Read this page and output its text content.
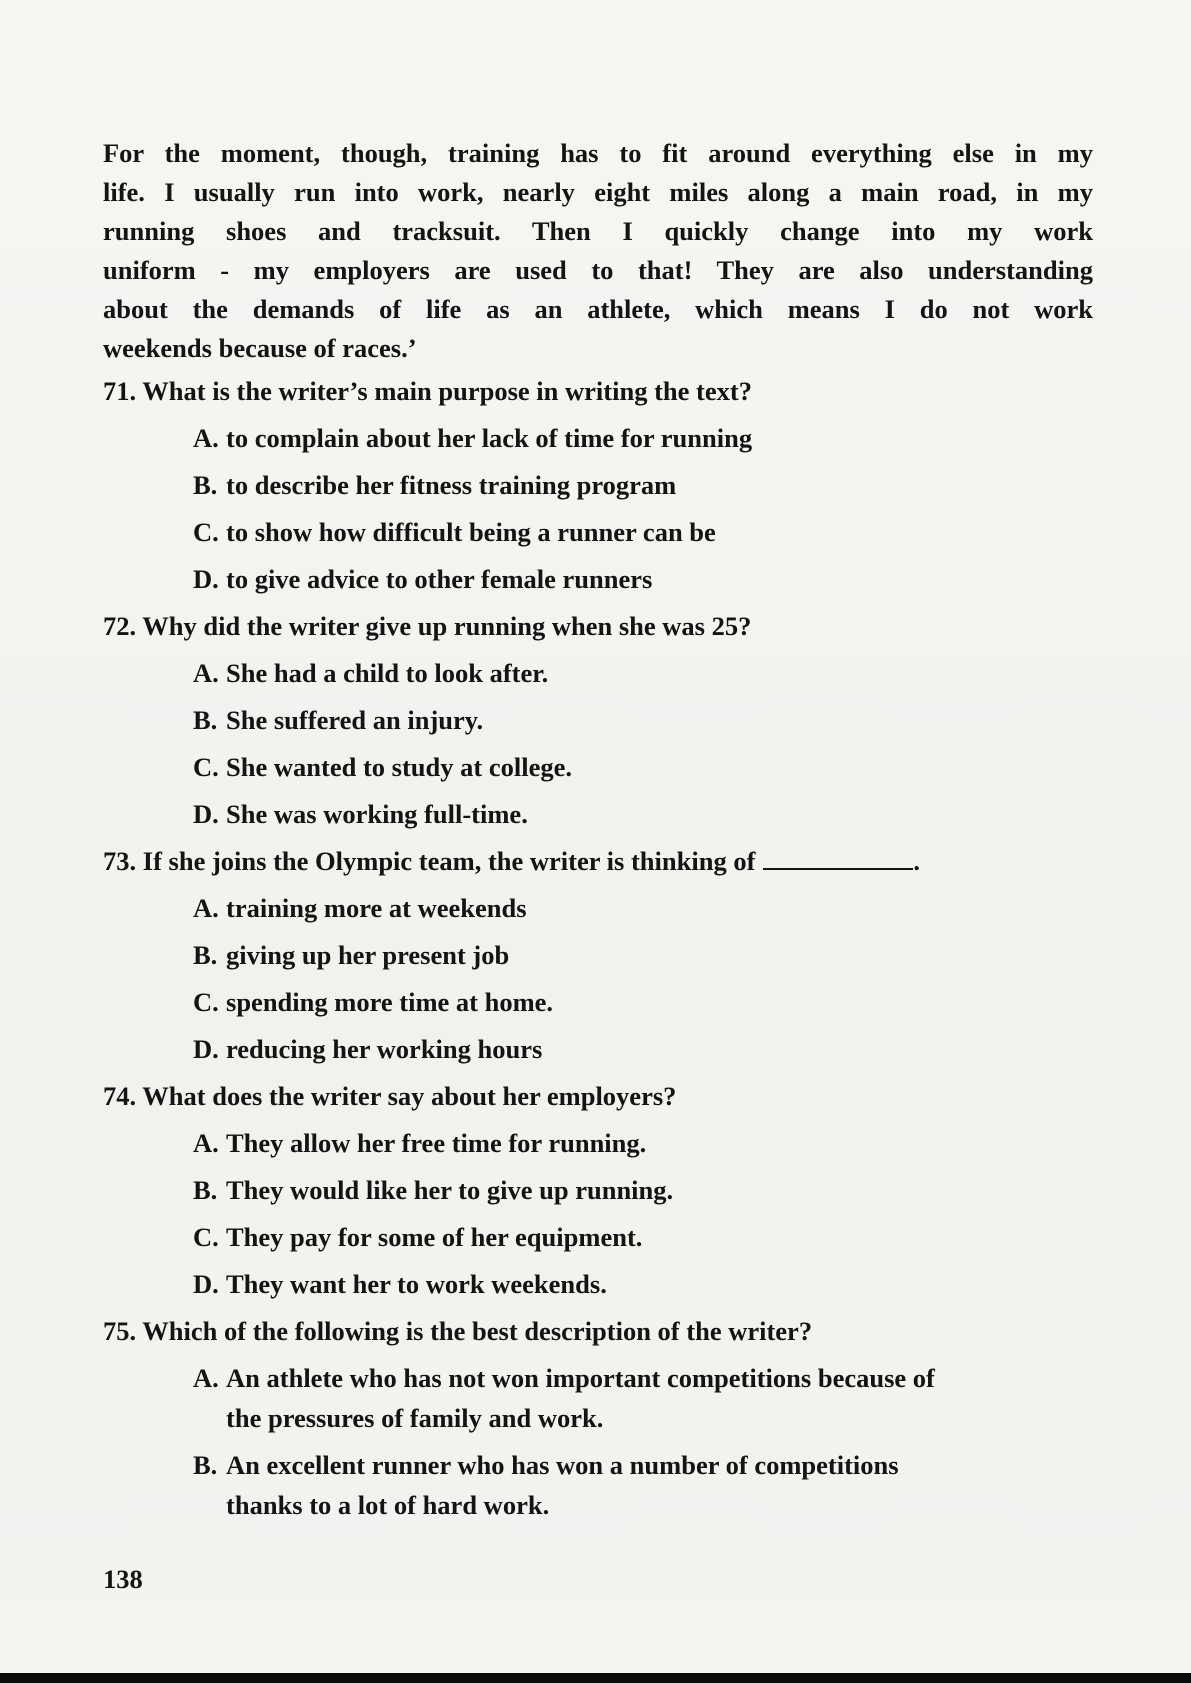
For the moment, though, training has to fit around everything else in my
life. I usually run into work, nearly eight miles along a main road, in my
running shoes and tracksuit. Then I quickly change into my work
uniform - my employers are used to that! They are also understanding
about the demands of life as an athlete, which means I do not work
weekends because of races.’

71. What is the writer’s main purpose in writing the text?
A. to complain about her lack of time for running
B. to describe her fitness training program
C. to show how difficult being a runner can be
D. to give advice to other female runners
72. Why did the writer give up running when she was 25?
A. She had a child to look after.
B. She suffered an injury.
C. She wanted to study at college.
D. She was working full-time.
73. If she joins the Olympic team, the writer is thinking of	.
A. training more at weekends
B. giving up her present job
C. spending more time at home.
D. reducing her working hours
74. What does the writer say about her employers?
A. They allow her free time for running.
B. They would like her to give up running.
C. They pay for some of her equipment.
D. They want her to work weekends.
75. Which of the following is the best description of the writer?
A. An athlete who has not won important competitions because of
the pressures of family and work.
B. An excellent runner who has won a number of competitions
thanks to a lot of hard work.
138
